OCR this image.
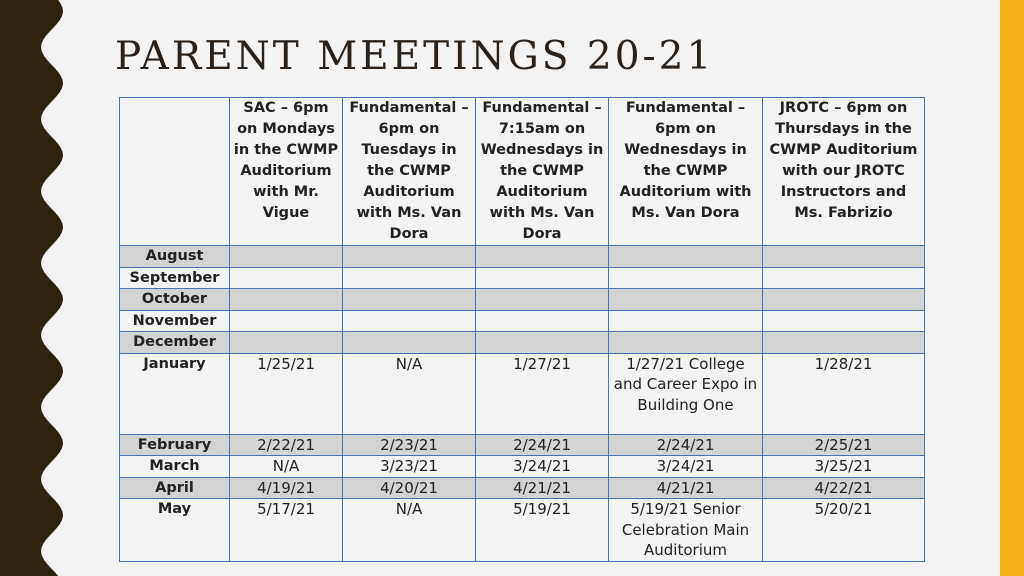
PARENT MEETINGS 20-21
	SAC – 6pm on Mondays in the CWMP Auditorium with Mr. Vigue	Fundamental – 6pm on Tuesdays in the CWMP Auditorium with Ms. Van Dora	Fundamental – 7:15am on Wednesdays in the CWMP Auditorium with Ms. Van Dora	Fundamental – 6pm on Wednesdays in the CWMP Auditorium with Ms. Van Dora	JROTC – 6pm on Thursdays in the CWMP Auditorium with our JROTC Instructors and Ms. Fabrizio
August					
September					
October					
November					
December					
January	1/25/21	N/A	1/27/21	1/27/21 College and Career Expo in Building One	1/28/21
February	2/22/21	2/23/21	2/24/21	2/24/21	2/25/21
March	N/A	3/23/21	3/24/21	3/24/21	3/25/21
April	4/19/21	4/20/21	4/21/21	4/21/21	4/22/21
May	5/17/21	N/A	5/19/21	5/19/21 Senior Celebration Main Auditorium	5/20/21
